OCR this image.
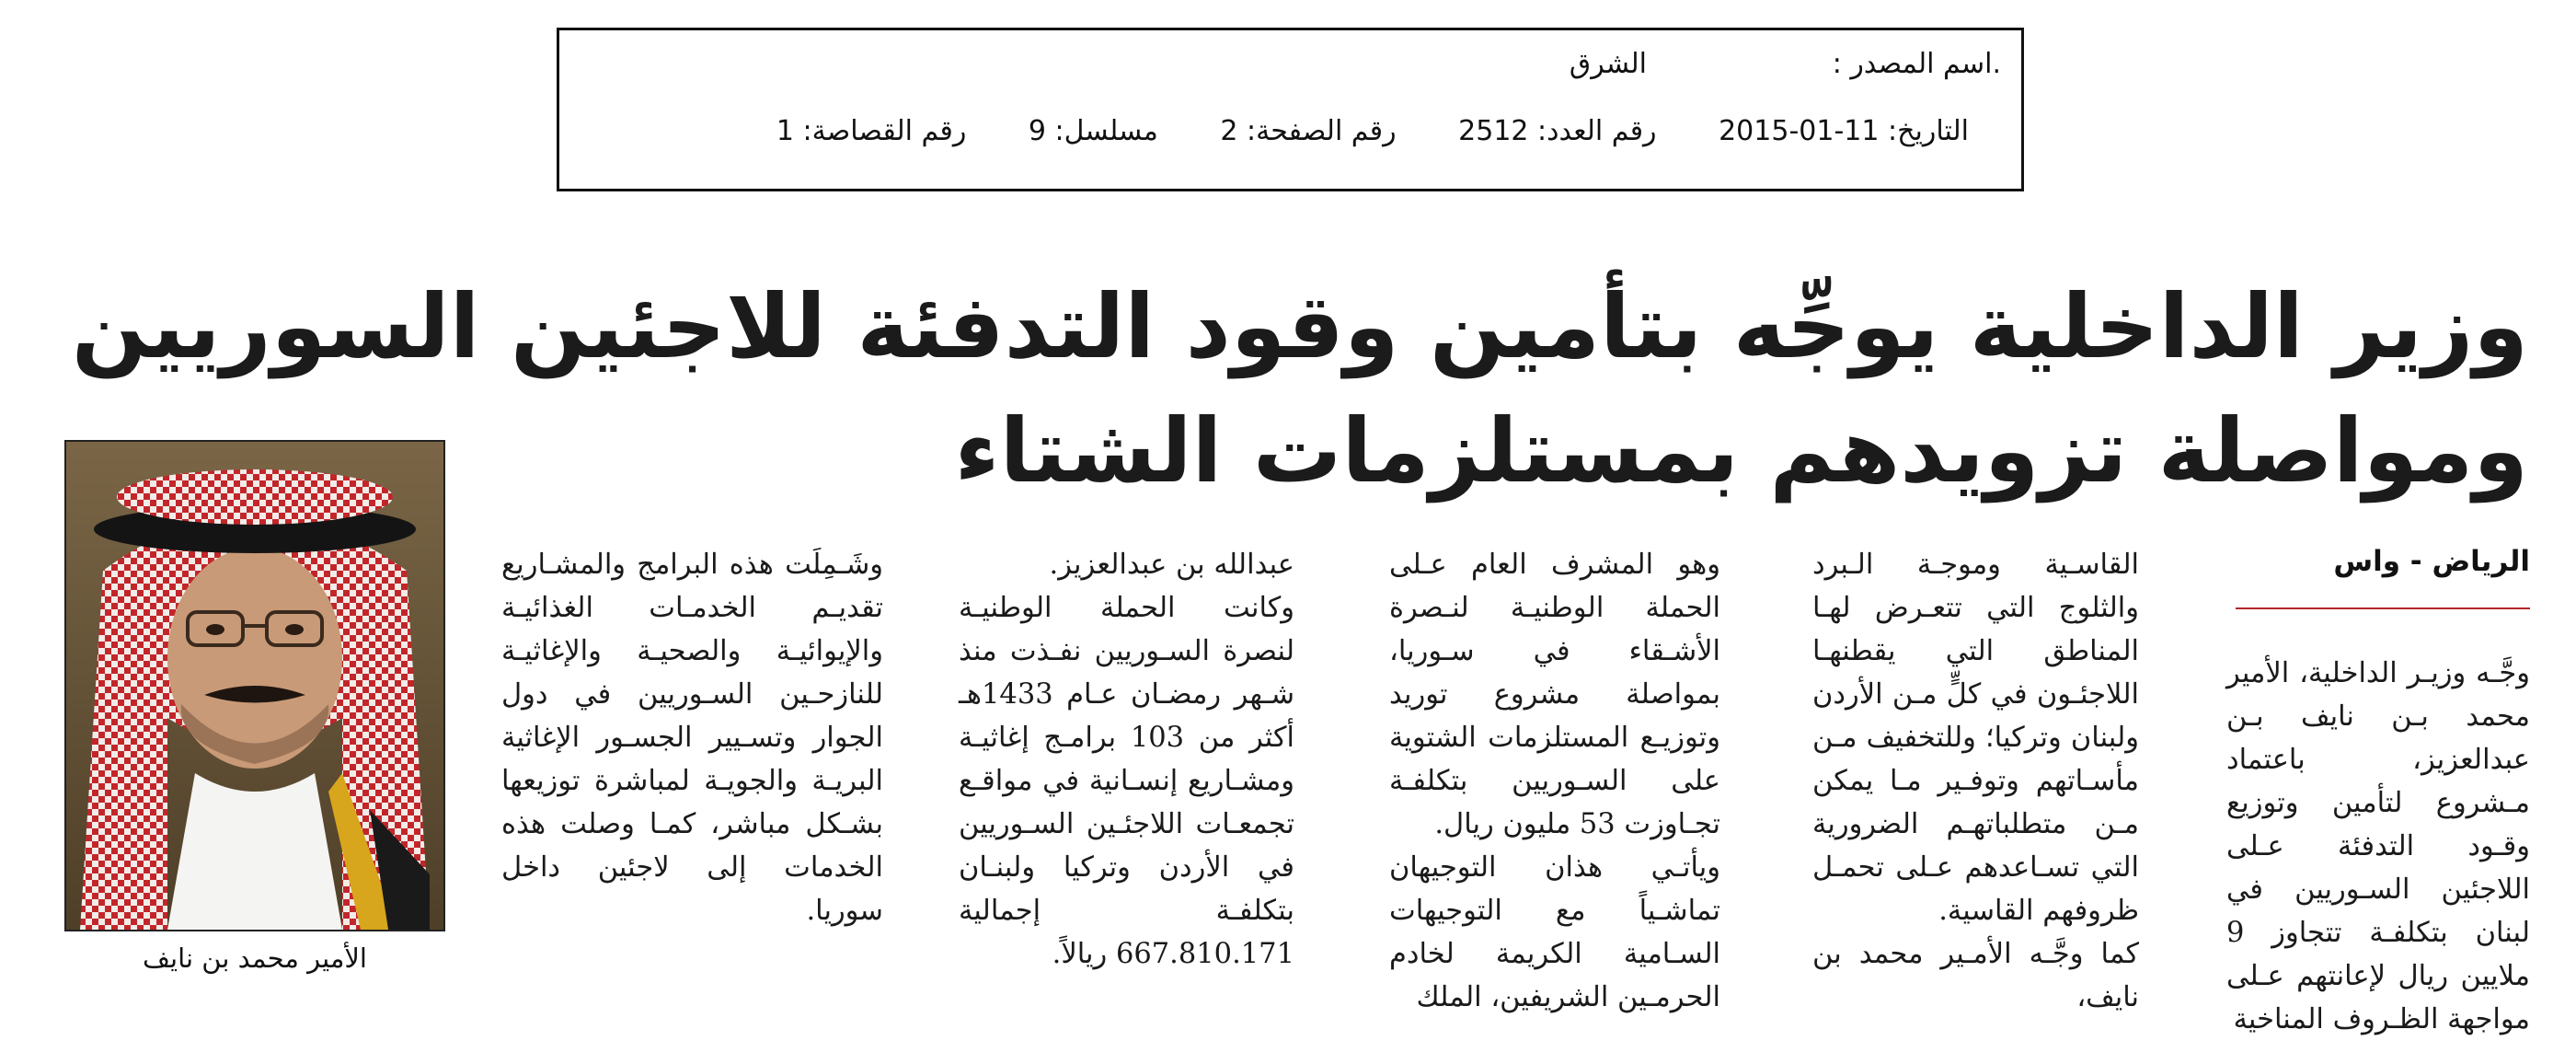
.اسم المصدر :
الشرق
التاريخ: 11-01-2015 رقم العدد: 2512 رقم الصفحة: 2 مسلسل: 9 رقم القصاصة: 1
وزير الداخلية يوجِّه بتأمين وقود التدفئة للاجئين السوريين
ومواصلة تزويدهم بمستلزمات الشتاء
الرياض - واس

وجَّـه وزيـر الداخلية، الأمير محمد بـن نايف بـن عبدالعزيز، باعتماد مـشروع لتأمين وتوزيع وقـود التدفئة عـلى اللاجئين السـوريين في لبنان بتكلفـة تتجاوز 9 ملايين ريال لإعانتهم عـلى مواجهة الظـروف المناخية

القاسـية وموجـة الـبرد والثلوج التي تتعـرض لهـا المناطق التي يقطنهـا اللاجئـون في كلٍّ مـن الأردن ولبنان وتركيا؛ وللتخفيف مـن مأسـاتهم وتوفـير مـا يمكن مـن متطلباتهـم الضرورية التي تسـاعدهم عـلى تحمـل ظروفهم القاسية.

كما وجَّـه الأمـير محمد بن نايف،

وهو المشرف العام عـلى الحملة الوطنيـة لنـصرة الأشـقاء في سـوريا، بمواصلة مشروع توريد وتوزيـع المستلزمات الشتوية على السـوريين بتكلفـة تجـاوزت 53 مليون ريال.

ويأتـي هذان التوجيهان تماشـياً مع التوجيهات السـامية الكريمة لخادم الحرمـين الشريفين، الملك

عبدالله بن عبدالعزيز.

وكانت الحملة الوطنيـة لنصرة السـوريين نفـذت منذ شـهر رمضـان عـام 1433هـ أكثر من 103 برامـج إغاثيـة ومشـاريع إنسـانية في مواقـع تجمعـات اللاجئـين السـوريين في الأردن وتركيا ولبنـان بتكلفـة إجمالية 667.810.171 ريالاً.

وشَـمِلَت هذه البرامج والمشـاريع تقديـم الخدمـات الغذائيـة والإيوائيـة والصحيـة والإغاثيـة للنازحـين السـوريين في دول الجوار وتسـيير الجسـور الإغاثية البريـة والجويـة لمباشرة توزيعها بشـكل مباشر، كمـا وصلت هذه الخدمات إلى لاجئين داخل سوريا.

الأمير محمد بن نايف
